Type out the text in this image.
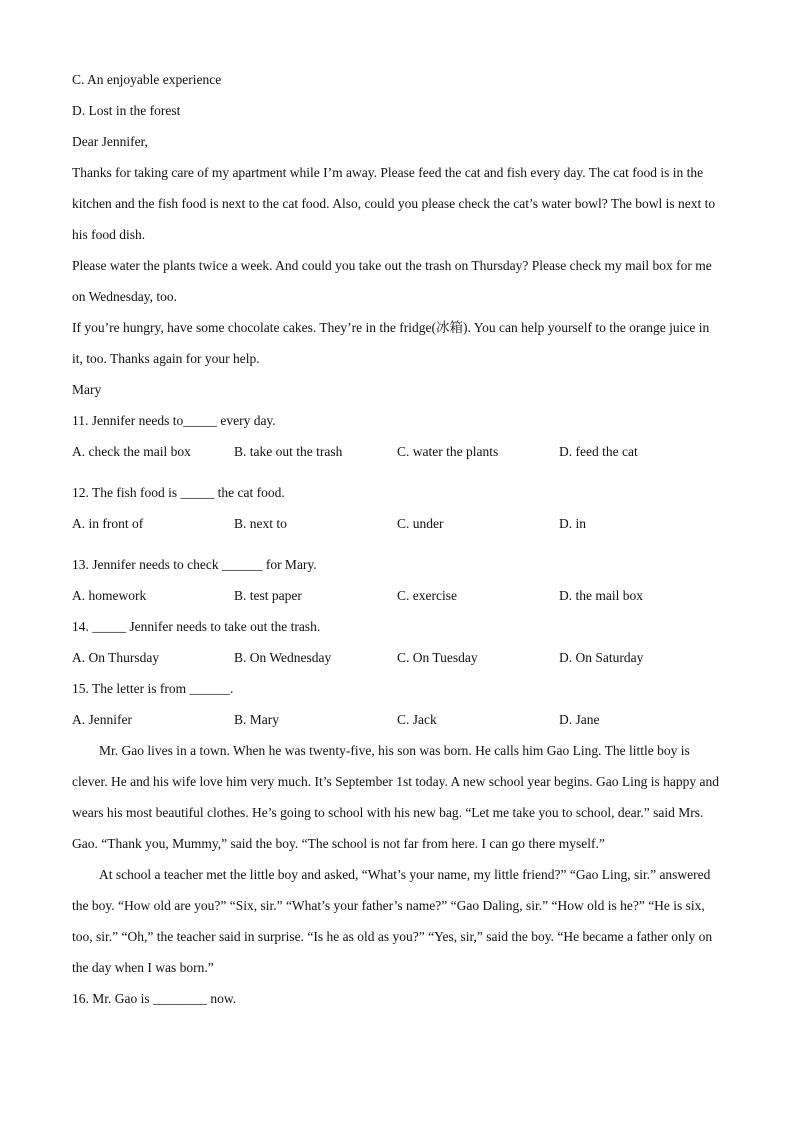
C. An enjoyable experience
D. Lost in the forest
Dear Jennifer,
Thanks for taking care of my apartment while I’m away. Please feed the cat and fish every day. The cat food is in the kitchen and the fish food is next to the cat food. Also, could you please check the cat’s water bowl? The bowl is next to his food dish.
Please water the plants twice a week. And could you take out the trash on Thursday? Please check my mail box for me on Wednesday, too.
If you’re hungry, have some chocolate cakes. They’re in the fridge(冰箱). You can help yourself to the orange juice in it, too. Thanks again for your help.
Mary
11. Jennifer needs to_____ every day.
A. check the mail box	B. take out the trash	C. water the plants	D. feed the cat
12. The fish food is _____ the cat food.
A. in front of	B. next to	C. under	D. in
13. Jennifer needs to check ______ for Mary.
A. homework	B. test paper	C. exercise	D. the mail box
14. _____ Jennifer needs to take out the trash.
A. On Thursday	B. On Wednesday	C. On Tuesday	D. On Saturday
15. The letter is from ______.
A. Jennifer	B. Mary	C. Jack	D. Jane
Mr. Gao lives in a town. When he was twenty-five, his son was born. He calls him Gao Ling. The little boy is clever. He and his wife love him very much. It’s September 1st today. A new school year begins. Gao Ling is happy and wears his most beautiful clothes. He’s going to school with his new bag. “Let me take you to school, dear.” said Mrs. Gao. “Thank you, Mummy,” said the boy. “The school is not far from here. I can go there myself.”
At school a teacher met the little boy and asked, “What’s your name, my little friend?” “Gao Ling, sir.” answered the boy. “How old are you?” “Six, sir.” “What’s your father’s name?” “Gao Daling, sir.” “How old is he?” “He is six, too, sir.” “Oh,” the teacher said in surprise. “Is he as old as you?” “Yes, sir,” said the boy. “He became a father only on the day when I was born.”
16. Mr. Gao is ________ now.
